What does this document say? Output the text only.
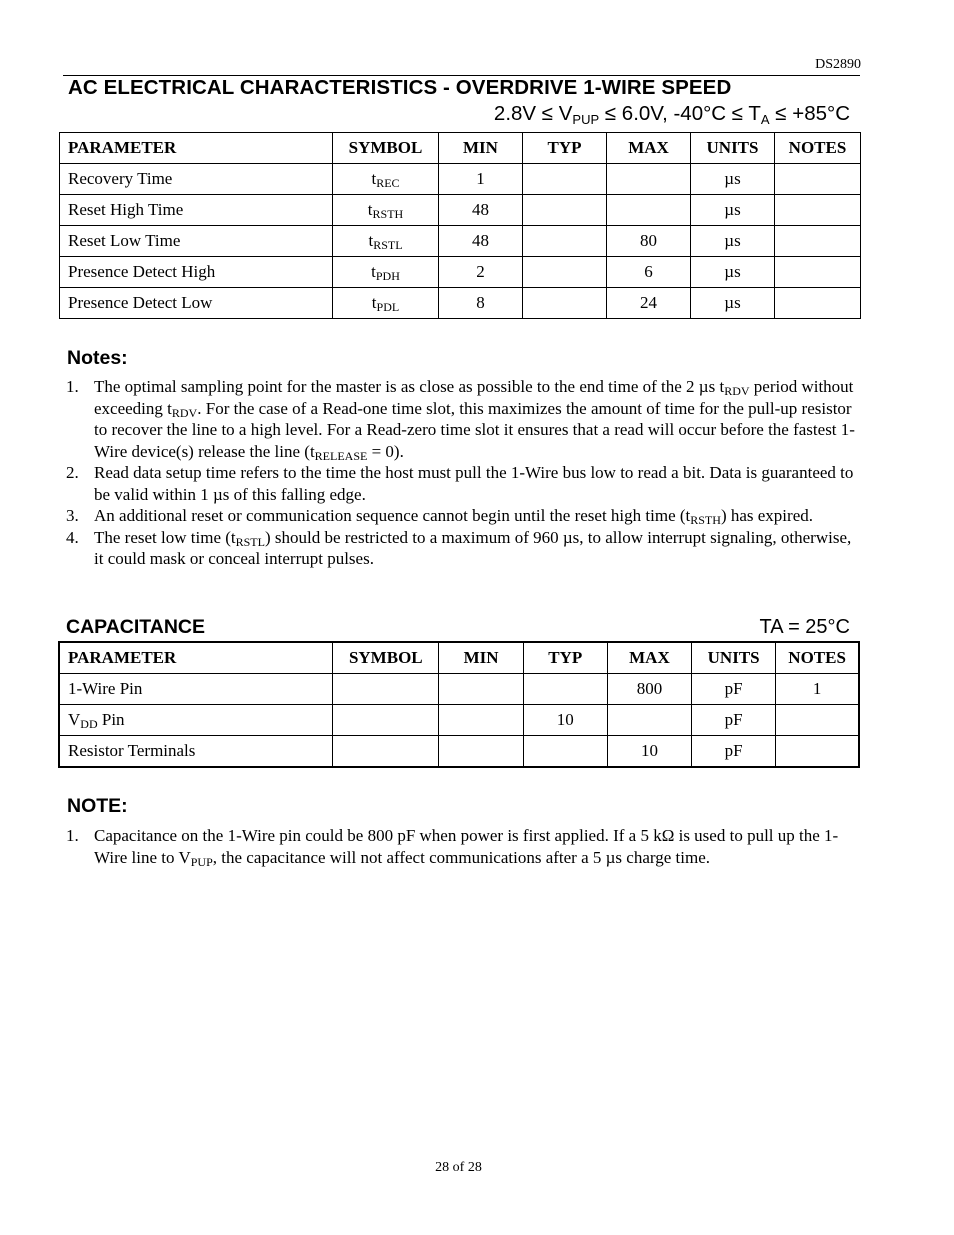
DS2890
AC ELECTRICAL CHARACTERISTICS - OVERDRIVE 1-WIRE SPEED
$2.8V \le V_{PUP} \le 6.0V$, $-40^\circ C \le T_A \le +85^\circ C$
PARAMETER	SYMBOL	MIN	TYP	MAX	UNITS	NOTES
Recovery Time	$t_{REC}$	1			µs	
Reset High Time	$t_{RSTH}$	48			µs	
Reset Low Time	$t_{RSTL}$	48		80	µs	
Presence Detect High	$t_{PDH}$	2		6	µs	
Presence Detect Low	$t_{PDL}$	8		24	µs	
Notes:
1. The optimal sampling point for the master is as close as possible to the end time of the 2 µs $t_{RDV}$ period without exceeding $t_{RDV}$. For the case of a Read-one time slot, this maximizes the amount of time for the pull-up resistor to recover the line to a high level. For a Read-zero time slot it ensures that a read will occur before the fastest 1-Wire device(s) release the line $(t_{RELEASE} = 0)$.
2. Read data setup time refers to the time the host must pull the 1-Wire bus low to read a bit. Data is guaranteed to be valid within 1 µs of this falling edge.
3. An additional reset or communication sequence cannot begin until the reset high time $(t_{RSTH})$ has expired.
4. The reset low time $(t_{RSTL})$ should be restricted to a maximum of 960 µs, to allow interrupt signaling, otherwise, it could mask or conceal interrupt pulses.
CAPACITANCE	TA = 25°C
PARAMETER	SYMBOL	MIN	TYP	MAX	UNITS	NOTES
1-Wire Pin				800	pF	1
$V_{DD}$ Pin			10		pF	
Resistor Terminals				10	pF	
NOTE:
1. Capacitance on the 1-Wire pin could be 800 pF when power is first applied. If a 5 kΩ is used to pull up the 1-Wire line to $V_{PUP}$, the capacitance will not affect communications after a 5 µs charge time.
28 of 28
